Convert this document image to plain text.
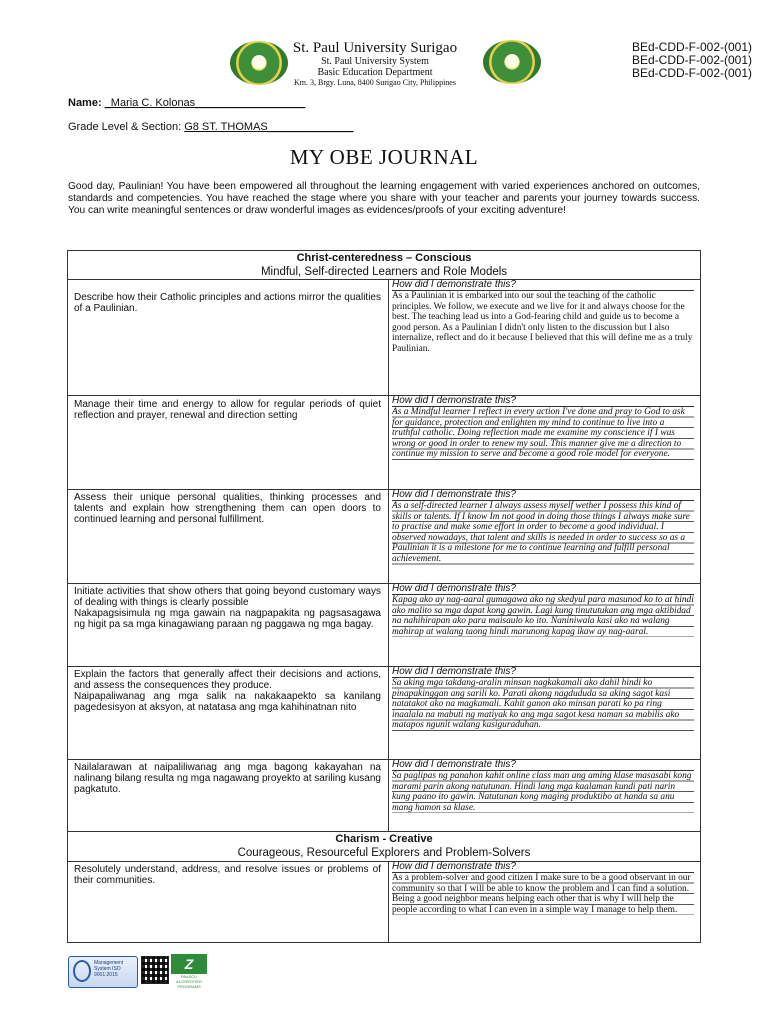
St. Paul University Surigao
St. Paul University System
Basic Education Department
Km. 3, Brgy. Luna, 8400 Surigao City, Philippines
BEd-CDD-F-002-(001)
BEd-CDD-F-002-(001)
BEd-CDD-F-002-(001)
Name: _Maria C. Kolonas__________________
Grade Level & Section: G8 ST. THOMAS______________
MY OBE JOURNAL
Good day, Paulinian! You have been empowered all throughout the learning engagement with varied experiences anchored on outcomes, standards and competencies. You have reached the stage where you share with your teacher and parents your journey towards success. You can write meaningful sentences or draw wonderful images as evidences/proofs of your exciting adventure!
Christ-centeredness – Conscious
Mindful, Self-directed Learners and Role Models
Describe how their Catholic principles and actions mirror the qualities of a Paulinian.
How did I demonstrate this?
As a Paulinian it is embarked into our soul the teaching of the catholic principles. We follow, we execute and we live for it and always choose for the best. The teaching lead us into a God-fearing child and guide us to become a good person. As a Paulinian I didn't only listen to the discussion but I also internalize, reflect and do it because I believed that this will define me as a truly Paulinian.
Manage their time and energy to allow for regular periods of quiet reflection and prayer, renewal and direction setting
How did I demonstrate this?
As a Mindful learner I reflect in every action I've done and pray to God to ask for guidance, protection and enlighten my mind to continue to live into a truthful catholic. Doing reflection made me examine my conscience if I was wrong or good in order to renew my soul. This manner give me a direction to continue my mission to serve and become a good role model for everyone.
Assess their unique personal qualities, thinking processes and talents and explain how strengthening them can open doors to continued learning and personal fulfillment.
How did I demonstrate this?
As a self-directed learner I always assess myself wether I possess this kind of skills or talents. If I know Im not good in doing those things I always make sure to practise and make some effort in order to become a good individual. I observed nowadays, that talent and skills is needed in order to success so as a Paulinian it is a milestone for me to continue learning and fulfill personal achievement.
Initiate activities that show others that going beyond customary ways of dealing with things is clearly possible
Nakapagsisimula ng mga gawain na nagpapakita ng pagsasagawa ng higit pa sa mga kinagawiang paraan ng paggawa ng mga bagay.
How did I demonstrate this?
Kapag ako ay nag-aaral gumagawa ako ng skedyul para masunod ko to at hindi ako malito sa mga dapat kong gawin. Lagi kung tinututukan ang mga aktibidad na nahihirapan ako para maisaulo ko ito. Naniniwala kasi ako na walang mahirap at walang taong hindi marunong kapag ikaw ay nag-aaral.
Explain the factors that generally affect their decisions and actions, and assess the consequences they produce.
Naipapaliwanag ang mga salik na nakakaapekto sa kanilang pagedesisyon at aksyon, at natatasa ang mga kahihinatnan nito
How did I demonstrate this?
Sa aking mga takdang-aralin minsan nagkakamali ako dahil hindi ko pinapakinggan ang sarili ko. Parati akong nagdududa sa aking sagot kasi natatakot ako na magkamali. Kahit ganon ako minsan parati ko pa ring inaalala na mabuti ng matiyak ko ang mga sagot kesa naman sa mabilis ako matapos ngunit walang kasiguraduhan.
Nailalarawan at naipaliliwanag ang mga bagong kakayahan na nalinang bilang resulta ng mga nagawang proyekto at sariling kusang pagkatuto.
How did I demonstrate this?
Sa paglipas ng panahon kahit online class man ang aming klase masasabi kong marami parin akong natutunan. Hindi lang mga kaalaman kundi pati narin kung paano ito gawin. Natutunan kong maging produktibo at handa sa anu mang hamon sa klase.
Charism - Creative
Courageous, Resourceful Explorers and Problem-Solvers
Resolutely understand, address, and resolve issues or problems of their communities.
How did I demonstrate this?
As a problem-solver and good citizen I make sure to be a good observant in our community so that I will be able to know the problem and I can find a solution. Being a good neighbor means helping each other that is why I will help the people according to what I can even in a simple way I manage to help them.
Management System ISO 9001:2015
Z
PAASCU ACCREDITED PROGRAMS
